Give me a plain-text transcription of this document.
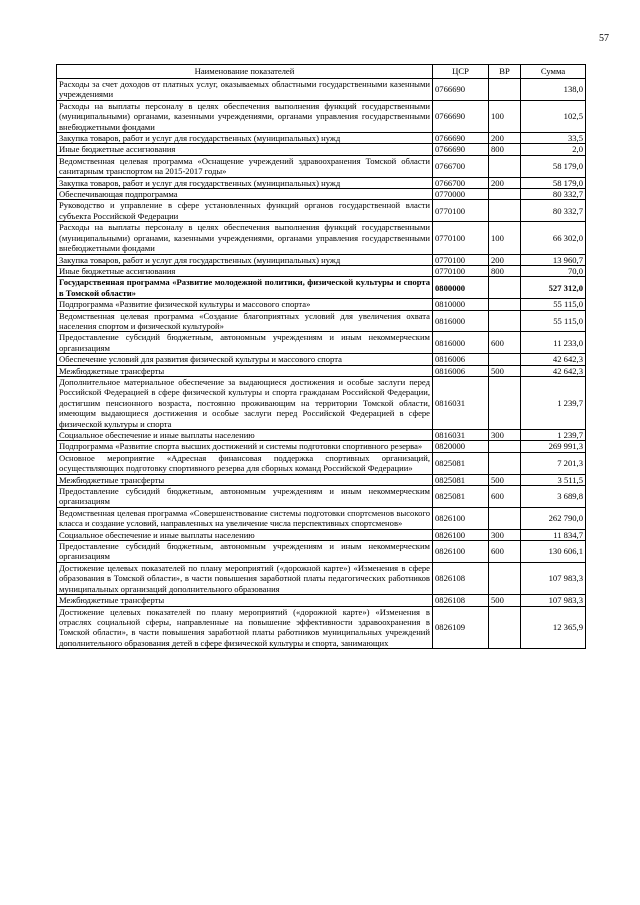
57
Наименование показателей	ЦСР	ВР	Сумма
Расходы за счет доходов от платных услуг, оказываемых областными государственными казенными учреждениями	0766690		138,0
Расходы на выплаты персоналу в целях обеспечения выполнения функций государственными (муниципальными) органами, казенными учреждениями, органами управления государственными внебюджетными фондами	0766690	100	102,5
Закупка товаров, работ и услуг для государственных (муниципальных) нужд	0766690	200	33,5
Иные бюджетные ассигнования	0766690	800	2,0
Ведомственная целевая программа «Оснащение учреждений здравоохранения Томской области санитарным транспортом на 2015-2017 годы»	0766700		58 179,0
Закупка товаров, работ и услуг для государственных (муниципальных) нужд	0766700	200	58 179,0
Обеспечивающая подпрограмма	0770000		80 332,7
Руководство и управление в сфере установленных функций органов государственной власти субъекта Российской Федерации	0770100		80 332,7
Расходы на выплаты персоналу в целях обеспечения выполнения функций государственными (муниципальными) органами, казенными учреждениями, органами управления государственными внебюджетными фондами	0770100	100	66 302,0
Закупка товаров, работ и услуг для государственных (муниципальных) нужд	0770100	200	13 960,7
Иные бюджетные ассигнования	0770100	800	70,0
Государственная программа «Развитие молодежной политики, физической культуры и спорта в Томской области»	0800000		527 312,0
Подпрограмма «Развитие физической культуры и массового спорта»	0810000		55 115,0
Ведомственная целевая программа «Создание благоприятных условий для увеличения охвата населения спортом и физической культурой»	0816000		55 115,0
Предоставление субсидий бюджетным, автономным учреждениям и иным некоммерческим организациям	0816000	600	11 233,0
Обеспечение условий для развития физической культуры и массового спорта	0816006		42 642,3
Межбюджетные трансферты	0816006	500	42 642,3
Дополнительное материальное обеспечение за выдающиеся достижения и особые заслуги перед Российской Федерацией в сфере физической культуры и спорта гражданам Российской Федерации, достигшим пенсионного возраста, постоянно проживающим на территории Томской области, имеющим выдающиеся достижения и особые заслуги перед Российской Федерацией в сфере физической культуры и спорта	0816031		1 239,7
Социальное обеспечение и иные выплаты населению	0816031	300	1 239,7
Подпрограмма «Развитие спорта высших достижений и системы подготовки спортивного резерва»	0820000		269 991,3
Основное мероприятие «Адресная финансовая поддержка спортивных организаций, осуществляющих подготовку спортивного резерва для сборных команд Российской Федерации»	0825081		7 201,3
Межбюджетные трансферты	0825081	500	3 511,5
Предоставление субсидий бюджетным, автономным учреждениям и иным некоммерческим организациям	0825081	600	3 689,8
Ведомственная целевая программа «Совершенствование системы подготовки спортсменов высокого класса и создание условий, направленных на увеличение числа перспективных спортсменов»	0826100		262 790,0
Социальное обеспечение и иные выплаты населению	0826100	300	11 834,7
Предоставление субсидий бюджетным, автономным учреждениям и иным некоммерческим организациям	0826100	600	130 606,1
Достижение целевых показателей по плану мероприятий («дорожной карте») «Изменения в сфере образования в Томской области», в части повышения заработной платы педагогических работников муниципальных организаций дополнительного образования	0826108		107 983,3
Межбюджетные трансферты	0826108	500	107 983,3
Достижение целевых показателей по плану мероприятий («дорожной карте») «Изменения в отраслях социальной сферы, направленные на повышение эффективности здравоохранения в Томской области», в части повышения заработной платы работников муниципальных учреждений дополнительного образования детей в сфере физической культуры и спорта, занимающих	0826109		12 365,9
